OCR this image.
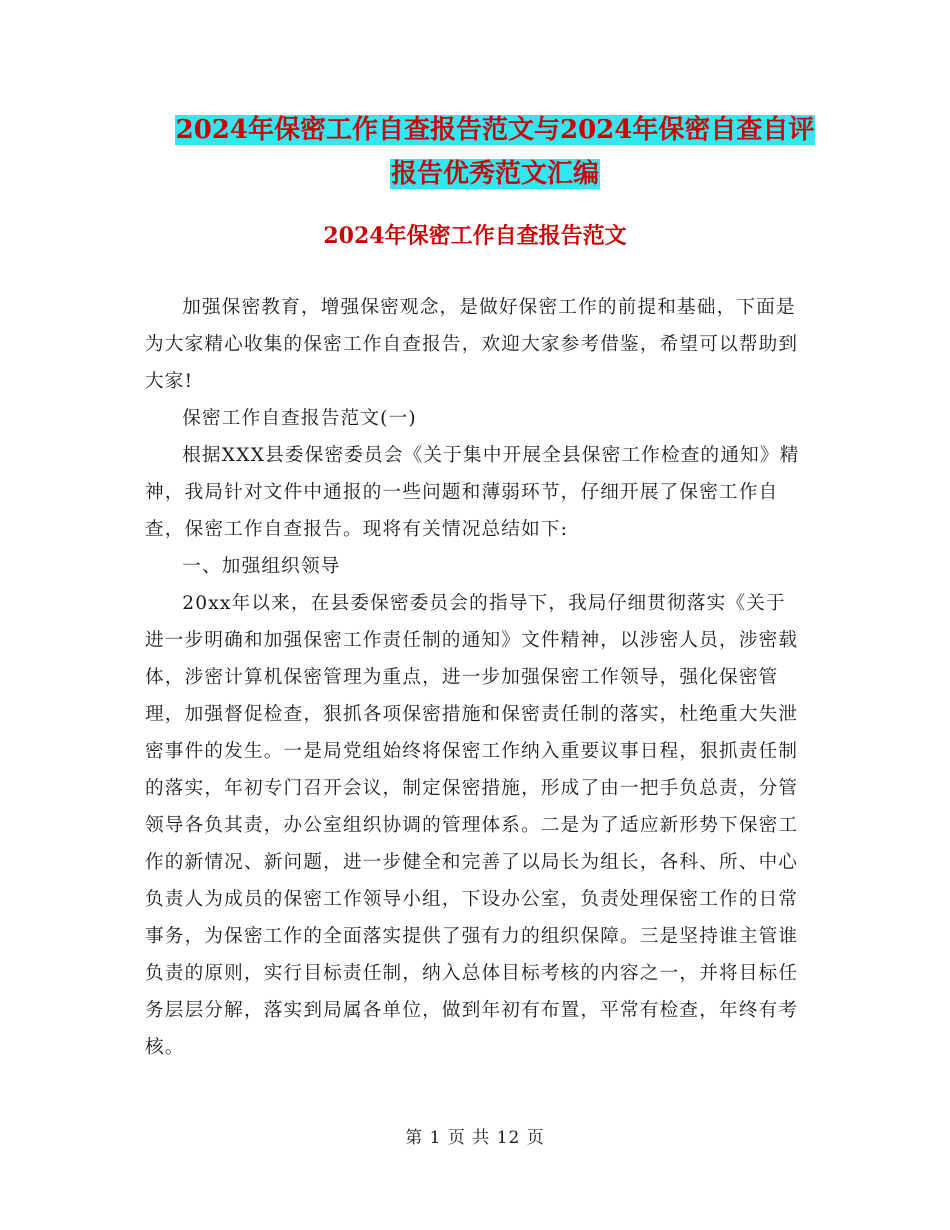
2024年保密工作自查报告范文与2024年保密自查自评
报告优秀范文汇编
2024年保密工作自查报告范文

加强保密教育，增强保密观念，是做好保密工作的前提和基础，下面是为大家精心收集的保密工作自查报告，欢迎大家参考借鉴，希望可以帮助到大家!

保密工作自查报告范文(一)

根据XXX县委保密委员会《关于集中开展全县保密工作检查的通知》精神，我局针对文件中通报的一些问题和薄弱环节，仔细开展了保密工作自查，保密工作自查报告。现将有关情况总结如下:

一、加强组织领导

20xx年以来，在县委保密委员会的指导下，我局仔细贯彻落实《关于进一步明确和加强保密工作责任制的通知》文件精神，以涉密人员，涉密载体，涉密计算机保密管理为重点，进一步加强保密工作领导，强化保密管理，加强督促检查，狠抓各项保密措施和保密责任制的落实，杜绝重大失泄密事件的发生。一是局党组始终将保密工作纳入重要议事日程，狠抓责任制的落实，年初专门召开会议，制定保密措施，形成了由一把手负总责，分管领导各负其责，办公室组织协调的管理体系。二是为了适应新形势下保密工作的新情况、新问题，进一步健全和完善了以局长为组长，各科、所、中心负责人为成员的保密工作领导小组，下设办公室，负责处理保密工作的日常事务，为保密工作的全面落实提供了强有力的组织保障。三是坚持谁主管谁负责的原则，实行目标责任制，纳入总体目标考核的内容之一，并将目标任务层层分解，落实到局属各单位，做到年初有布置，平常有检查，年终有考核。

第 1 页 共 12 页
